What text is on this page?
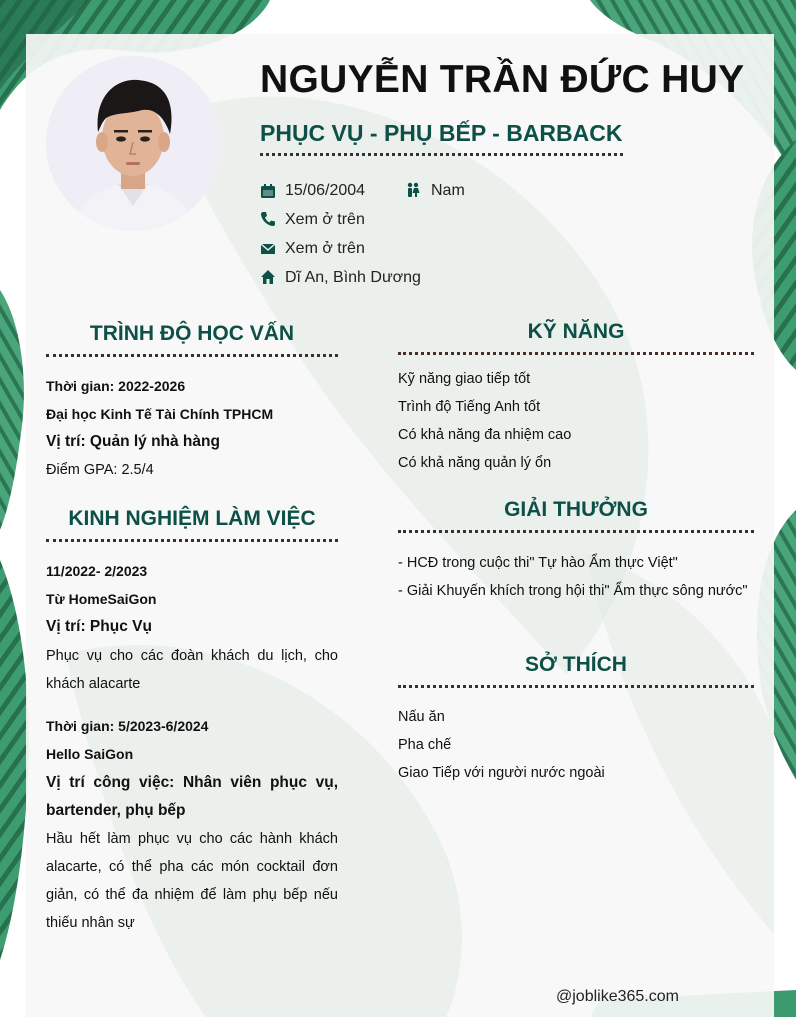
NGUYỄN TRẦN ĐỨC HUY
PHỤC VỤ - PHỤ BẾP - BARBACK
15/06/2004	Nam
Xem ở trên
Xem ở trên
Dĩ An, Bình Dương
TRÌNH ĐỘ HỌC VẤN
Thời gian: 2022-2026
Đại học Kinh Tế Tài Chính TPHCM
Vị trí: Quản lý nhà hàng
Điểm GPA: 2.5/4
KINH NGHIỆM LÀM VIỆC
11/2022- 2/2023
Từ HomeSaiGon
Vị trí: Phục Vụ
Phục vụ cho các đoàn khách du lịch, cho khách alacarte
Thời gian: 5/2023-6/2024
Hello SaiGon
Vị trí công việc: Nhân viên phục vụ, bartender, phụ bếp
Hầu hết làm phục vụ cho các hành khách alacarte, có thể pha các món cocktail đơn giản, có thể đa nhiệm để làm phụ bếp nếu thiếu nhân sự
KỸ NĂNG
Kỹ năng giao tiếp tốt
Trình độ Tiếng Anh tốt
Có khả năng đa nhiệm cao
Có khả năng quản lý ổn
GIẢI THƯỞNG
- HCĐ trong cuộc thi" Tự hào Ẩm thực Việt"
- Giải Khuyến khích trong hội thi" Ẩm thực sông nước"
SỞ THÍCH
Nấu ăn
Pha chế
Giao Tiếp với người nước ngoài
@joblike365.com
